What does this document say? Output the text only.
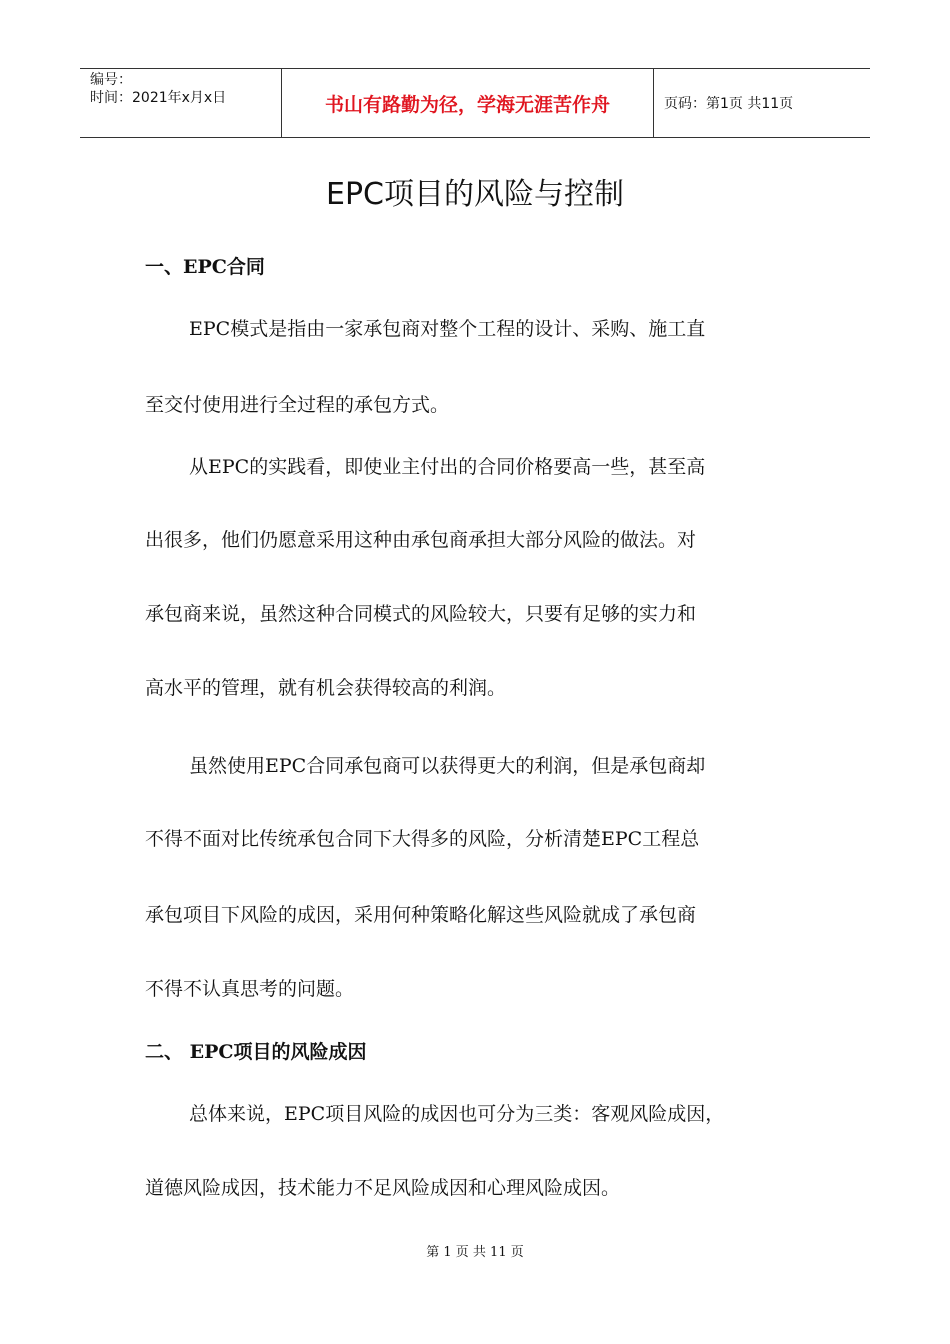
编号：
时间：2021年x月x日	书山有路勤为径，学海无涯苦作舟	页码：第1页 共11页
EPC项目的风险与控制
一、EPC合同
EPC模式是指由一家承包商对整个工程的设计、采购、施工直
至交付使用进行全过程的承包方式。
从EPC的实践看，即使业主付出的合同价格要高一些，甚至高
出很多，他们仍愿意采用这种由承包商承担大部分风险的做法。对
承包商来说，虽然这种合同模式的风险较大，只要有足够的实力和
高水平的管理，就有机会获得较高的利润。
虽然使用EPC合同承包商可以获得更大的利润，但是承包商却
不得不面对比传统承包合同下大得多的风险，分析清楚EPC工程总
承包项目下风险的成因，采用何种策略化解这些风险就成了承包商
不得不认真思考的问题。
二、 EPC项目的风险成因
总体来说，EPC项目风险的成因也可分为三类：客观风险成因，
道德风险成因，技术能力不足风险成因和心理风险成因。
第 1 页 共 11 页
